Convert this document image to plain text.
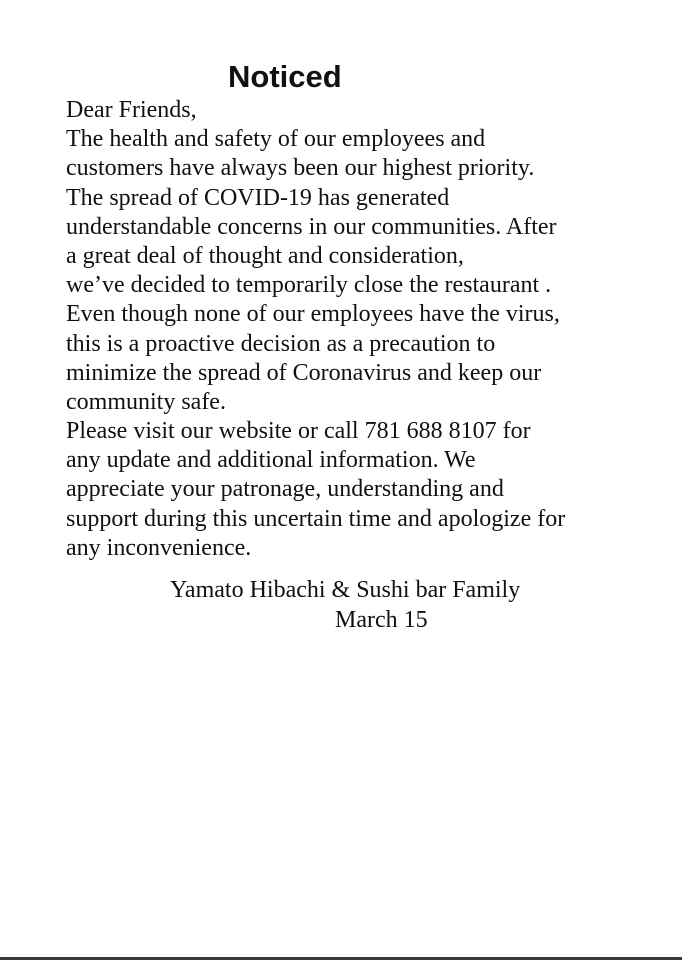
Noticed
Dear Friends,
The health and safety of our employees and
customers have always been our highest priority.
The spread of COVID-19 has generated
understandable concerns in our communities. After
a great deal of thought and consideration,
we’ve decided to temporarily close the restaurant .
Even though none of our employees have the virus,
this is a proactive decision as a precaution to
minimize the spread of Coronavirus and keep our
community safe.
Please visit our website or call 781 688 8107 for
any update and additional information. We
appreciate your patronage, understanding and
support during this uncertain time and apologize for
any inconvenience.
Yamato Hibachi & Sushi bar Family
March 15
